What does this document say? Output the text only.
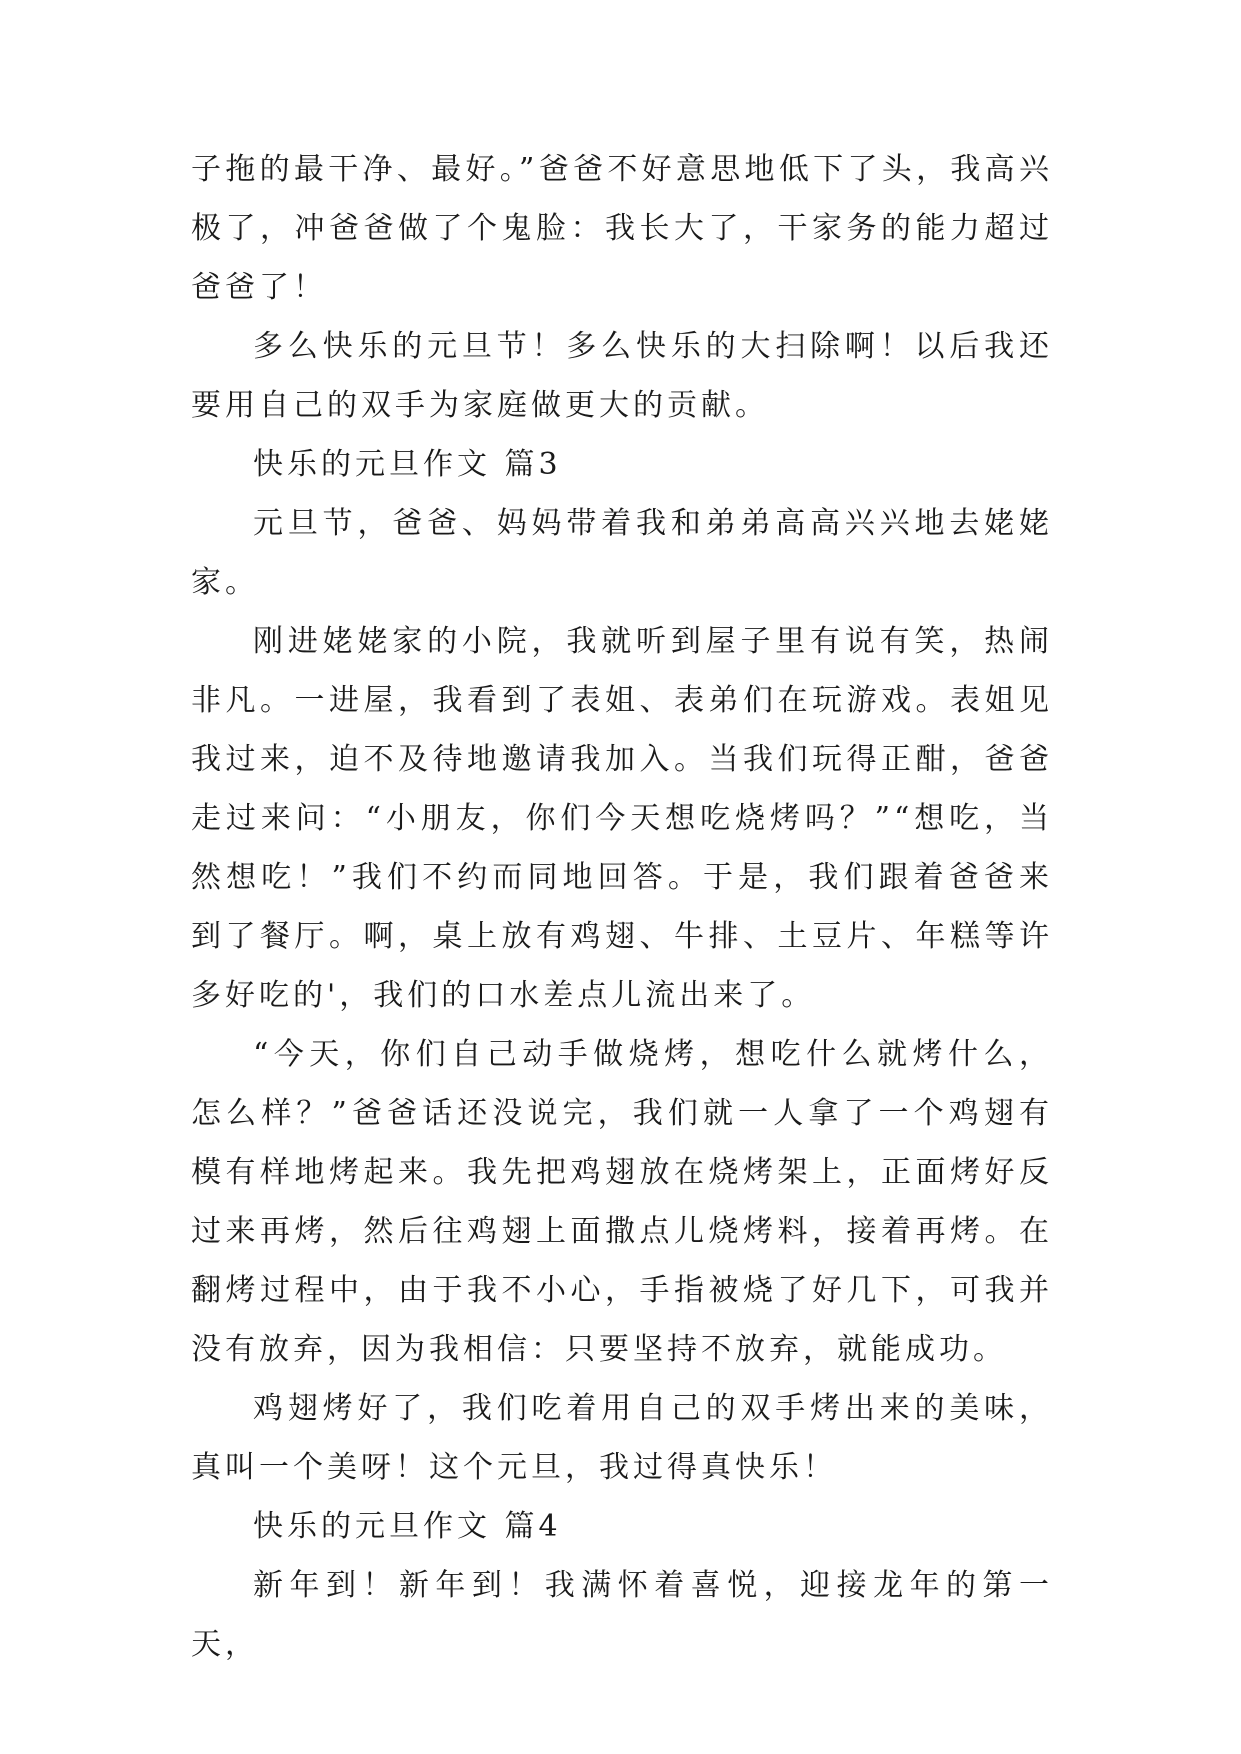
子拖的最干净、最好。”爸爸不好意思地低下了头，我高兴极了，冲爸爸做了个鬼脸：我长大了，干家务的能力超过爸爸了！

多么快乐的元旦节！多么快乐的大扫除啊！以后我还要用自己的双手为家庭做更大的贡献。

快乐的元旦作文 篇3

元旦节，爸爸、妈妈带着我和弟弟高高兴兴地去姥姥家。

刚进姥姥家的小院，我就听到屋子里有说有笑，热闹非凡。一进屋，我看到了表姐、表弟们在玩游戏。表姐见我过来，迫不及待地邀请我加入。当我们玩得正酣，爸爸走过来问：“小朋友，你们今天想吃烧烤吗？”“想吃，当然想吃！”我们不约而同地回答。于是，我们跟着爸爸来到了餐厅。啊，桌上放有鸡翅、牛排、土豆片、年糕等许多好吃的'，我们的口水差点儿流出来了。

“今天，你们自己动手做烧烤，想吃什么就烤什么，怎么样？”爸爸话还没说完，我们就一人拿了一个鸡翅有模有样地烤起来。我先把鸡翅放在烧烤架上，正面烤好反过来再烤，然后往鸡翅上面撒点儿烧烤料，接着再烤。在翻烤过程中，由于我不小心，手指被烧了好几下，可我并没有放弃，因为我相信：只要坚持不放弃，就能成功。

鸡翅烤好了，我们吃着用自己的双手烤出来的美味，真叫一个美呀！这个元旦，我过得真快乐！

快乐的元旦作文 篇4

新年到！新年到！我满怀着喜悦，迎接龙年的第一天，
